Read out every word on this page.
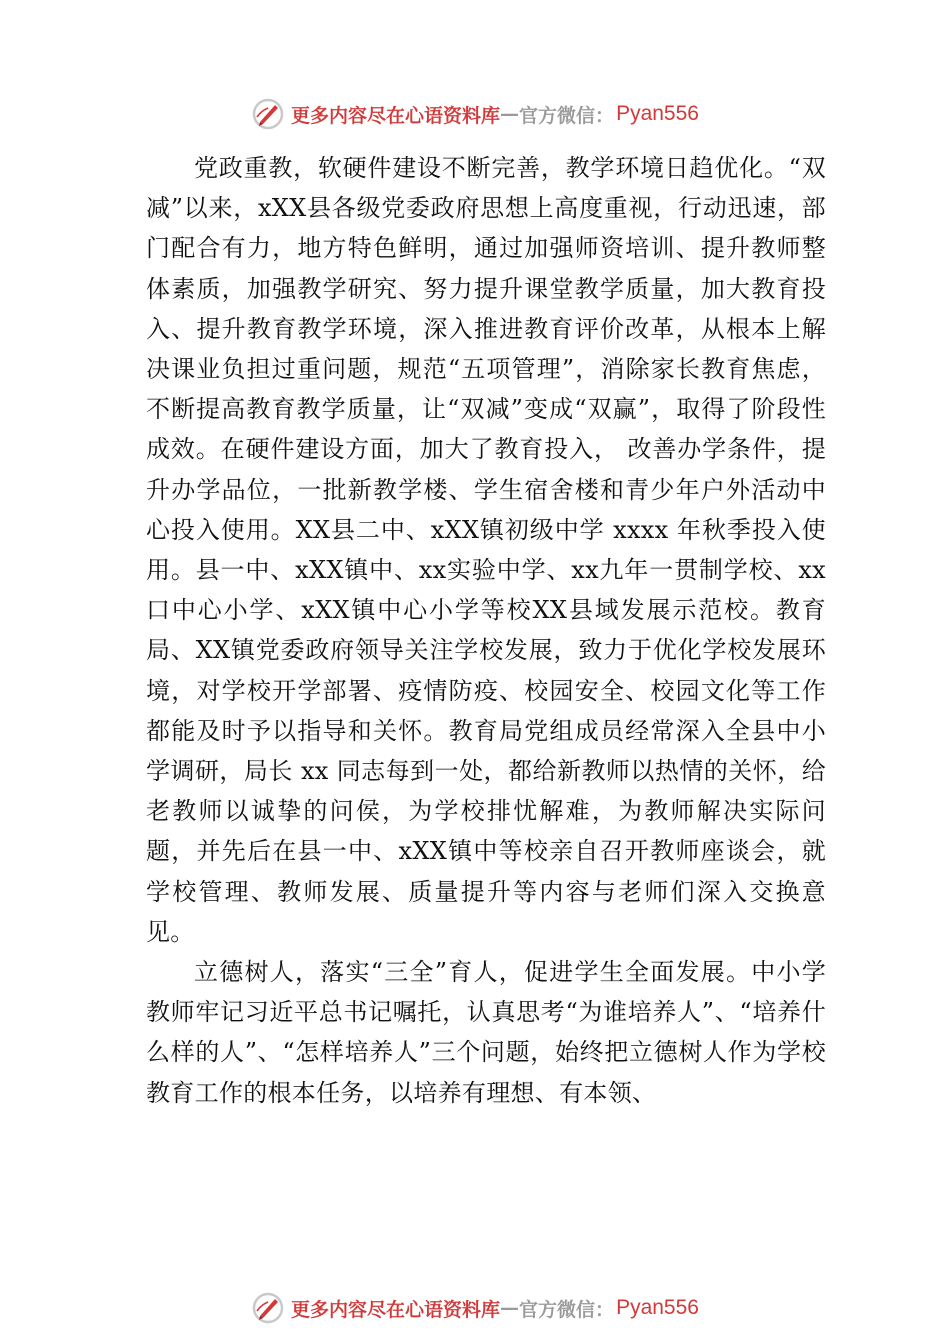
更多内容尽在心语资料库 — 官方微信： Pyan556

党政重教，软硬件建设不断完善，教学环境日趋优化。“双减”以来，xXX县各级党委政府思想上高度重视，行动迅速，部门配合有力，地方特色鲜明，通过加强师资培训、提升教师整体素质，加强教学研究、努力提升课堂教学质量，加大教育投入、提升教育教学环境，深入推进教育评价改革，从根本上解决课业负担过重问题，规范“五项管理”，消除家长教育焦虑，不断提高教育教学质量，让“双减”变成“双赢”，取得了阶段性成效。在硬件建设方面，加大了教育投入， 改善办学条件，提升办学品位，一批新教学楼、学生宿舍楼和青少年户外活动中心投入使用。XX县二中、xXX镇初级中学 xxxx 年秋季投入使用。县一中、xXX镇中、xx实验中学、xx九年一贯制学校、xx口中心小学、xXX镇中心小学等校XX县域发展示范校。教育局、XX镇党委政府领导关注学校发展，致力于优化学校发展环境，对学校开学部署、疫情防疫、校园安全、校园文化等工作都能及时予以指导和关怀。教育局党组成员经常深入全县中小学调研，局长 xx 同志每到一处，都给新教师以热情的关怀，给老教师以诚挚的问侯，为学校排忧解难，为教师解决实际问题，并先后在县一中、xXX镇中等校亲自召开教师座谈会，就学校管理、教师发展、质量提升等内容与老师们深入交换意见。

立德树人，落实“三全”育人，促进学生全面发展。中小学教师牢记习近平总书记嘱托，认真思考“为谁培养人”、“培养什么样的人”、“怎样培养人”三个问题，始终把立德树人作为学校教育工作的根本任务，以培养有理想、有本领、

更多内容尽在心语资料库 — 官方微信： Pyan556
